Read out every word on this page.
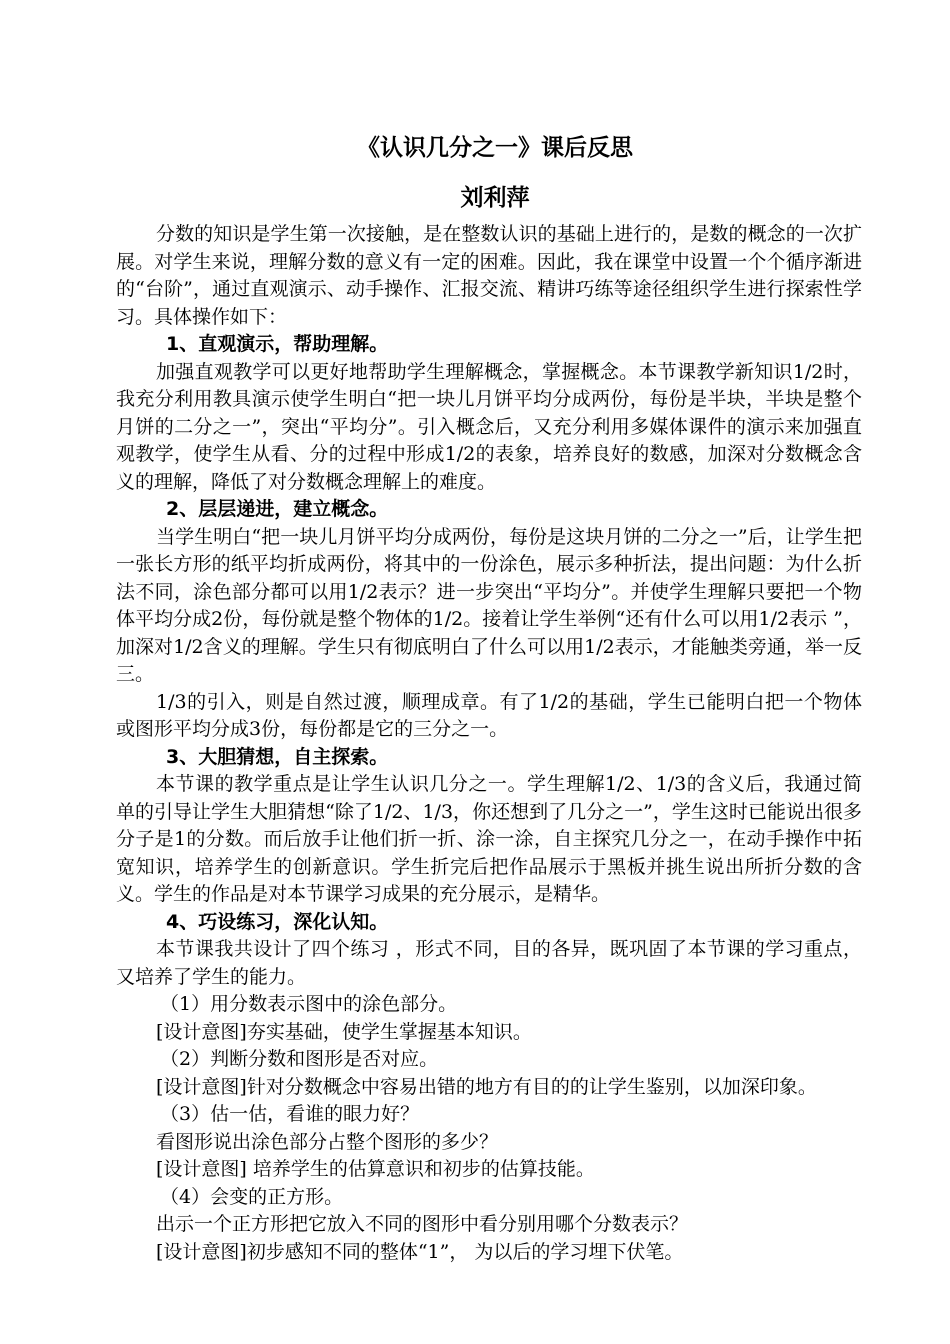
《认识几分之一》课后反思
刘利萍

分数的知识是学生第一次接触，是在整数认识的基础上进行的，是数的概念的一次扩展。对学生来说，理解分数的意义有一定的困难。因此，我在课堂中设置一个个循序渐进的“台阶”，通过直观演示、动手操作、汇报交流、精讲巧练等途径组织学生进行探索性学习。具体操作如下：

1、直观演示，帮助理解。

加强直观教学可以更好地帮助学生理解概念，掌握概念。本节课教学新知识1/2时，我充分利用教具演示使学生明白“把一块儿月饼平均分成两份，每份是半块，半块是整个月饼的二分之一”，突出“平均分”。引入概念后，又充分利用多媒体课件的演示来加强直观教学，使学生从看、分的过程中形成1/2的表象，培养良好的数感，加深对分数概念含义的理解，降低了对分数概念理解上的难度。

2、层层递进，建立概念。

当学生明白“把一块儿月饼平均分成两份，每份是这块月饼的二分之一”后，让学生把一张长方形的纸平均折成两份，将其中的一份涂色，展示多种折法，提出问题：为什么折法不同，涂色部分都可以用1/2表示？进一步突出“平均分”。并使学生理解只要把一个物体平均分成2份，每份就是整个物体的1/2。接着让学生举例“还有什么可以用1/2表示 ”，加深对1/2含义的理解。学生只有彻底明白了什么可以用1/2表示，才能触类旁通，举一反三。

1/3的引入，则是自然过渡，顺理成章。有了1/2的基础，学生已能明白把一个物体或图形平均分成3份，每份都是它的三分之一。

3、大胆猜想，自主探索。

本节课的教学重点是让学生认识几分之一。学生理解1/2、1/3的含义后，我通过简单的引导让学生大胆猜想“除了1/2、1/3，你还想到了几分之一”，学生这时已能说出很多分子是1的分数。而后放手让他们折一折、涂一涂，自主探究几分之一，在动手操作中拓宽知识，培养学生的创新意识。学生折完后把作品展示于黑板并挑生说出所折分数的含义。学生的作品是对本节课学习成果的充分展示，是精华。

4、巧设练习，深化认知。

本节课我共设计了四个练习 ，形式不同，目的各异，既巩固了本节课的学习重点，又培养了学生的能力。

（1）用分数表示图中的涂色部分。

[设计意图]夯实基础，使学生掌握基本知识。

（2）判断分数和图形是否对应。

[设计意图]针对分数概念中容易出错的地方有目的的让学生鉴别，以加深印象。

（3）估一估，看谁的眼力好？

看图形说出涂色部分占整个图形的多少？

[设计意图] 培养学生的估算意识和初步的估算技能。

（4）会变的正方形。

出示一个正方形把它放入不同的图形中看分别用哪个分数表示？

[设计意图]初步感知不同的整体“1”， 为以后的学习埋下伏笔。
